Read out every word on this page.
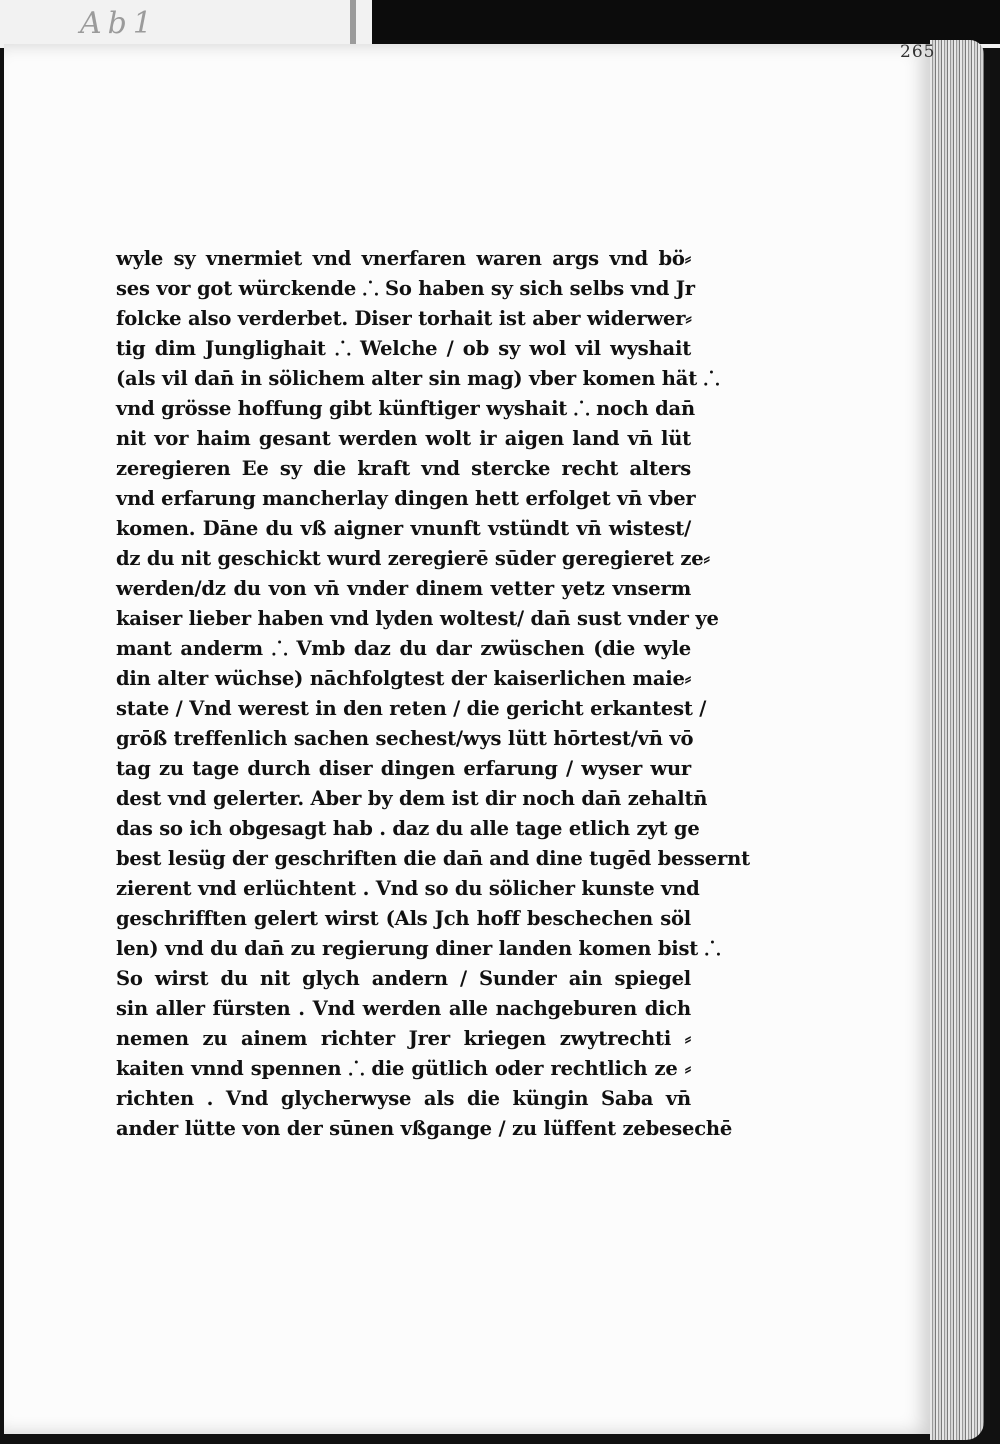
Ab1
wyle sy vnermiet vnd vnerfaren waren args vnd bö⸗
ses vor got würckende ⸫ So haben sy sich selbs vnd Jr
folcke also verderbet. Diser torhait ist aber widerwer⸗
tig dim Junglighait ⸫ Welche / ob sy wol vil wyshait
(als vil dan̄ in sölichem alter sin mag) vber komen hät ⸫
vnd grösse hoffung gibt künftiger wyshait ⸫ noch dan̄
nit vor haim gesant werden wolt ir aigen land vn̄ lüt
zeregieren Ee sy die kraft vnd stercke recht alters
vnd erfarung mancherlay dingen hett erfolget vn̄ vber
komen. Dāne du vß aigner vnunft vstündt vn̄ wistest/
dz du nit geschickt wurd zeregierē sūder geregieret ze⸗
werden/dz du von vn̄ vnder dinem vetter yetz vnserm
kaiser lieber haben vnd lyden woltest/ dan̄ sust vnder ye
mant anderm ⸫ Vmb daz du dar zwüschen (die wyle
din alter wüchse) nāchfolgtest der kaiserlichen maie⸗
state / Vnd werest in den reten / die gericht erkantest /
grōß treffenlich sachen sechest/wys lütt hōrtest/vn̄ vō
tag zu tage durch diser dingen erfarung / wyser wur
dest vnd gelerter. Aber by dem ist dir noch dan̄ zehaltn̄
das so ich obgesagt hab . daz du alle tage etlich zyt ge
best lesüg der geschriften die dan̄ and dine tugēd bessernt
zierent vnd erlüchtent . Vnd so du sölicher kunste vnd
geschrifften gelert wirst (Als Jch hoff beschechen söl
len) vnd du dan̄ zu regierung diner landen komen bist ⸫
So wirst du nit glych andern / Sunder ain spiegel
sin aller fürsten . Vnd werden alle nachgeburen dich
nemen zu ainem richter Jrer kriegen zwytrechti ⸗
kaiten vnnd spennen ⸫ die gütlich oder rechtlich ze ⸗
richten . Vnd glycherwyse als die küngin Saba vn̄
ander lütte von der sūnen vßgange / zu lüffent zebesechē
265
